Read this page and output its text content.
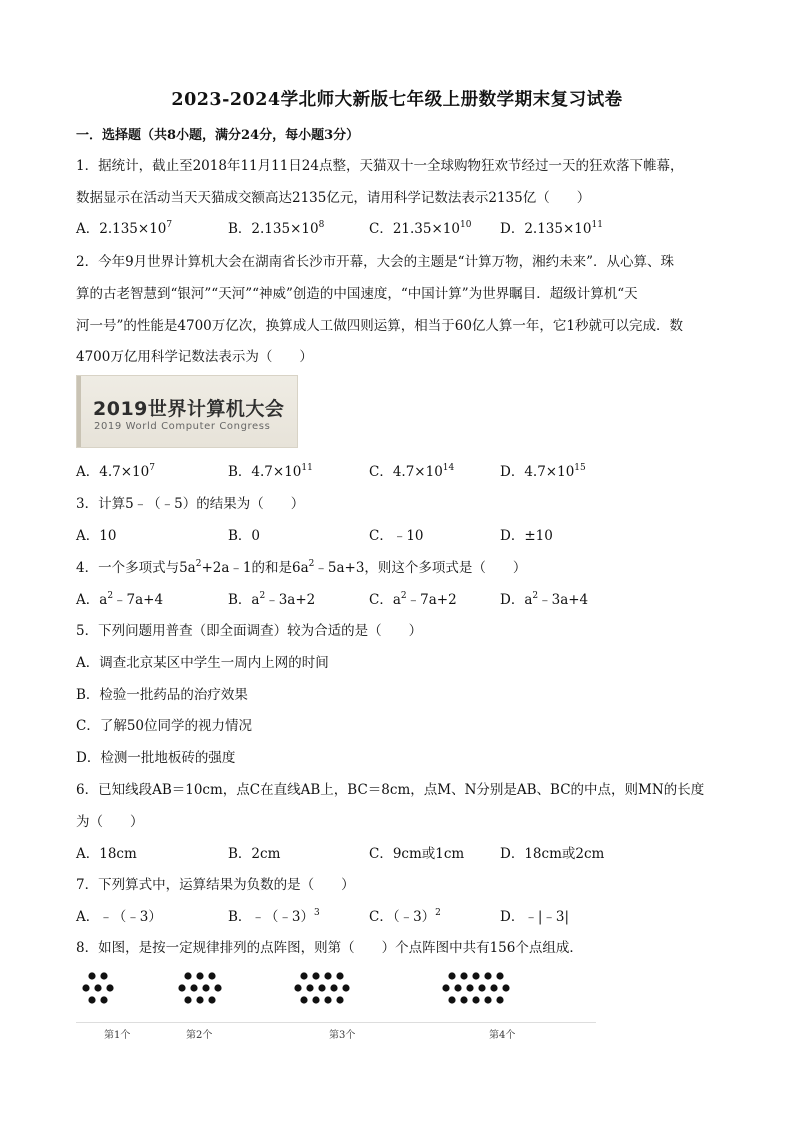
2023-2024学北师大新版七年级上册数学期末复习试卷
一．选择题（共8小题，满分24分，每小题3分）
1．据统计，截止至2018年11月11日24点整，天猫双十一全球购物狂欢节经过一天的狂欢落下帷幕，
数据显示在活动当天天猫成交额高达2135亿元，请用科学记数法表示2135亿（　　）
A．$2.135\times 10^7$	B．$2.135\times 10^8$	C．$21.35\times 10^{10}$ D．$2.135\times 10^{11}$
2．今年9月世界计算机大会在湖南省长沙市开幕，大会的主题是“计算万物，湘约未来”．从心算、珠
算的古老智慧到“银河”“天河”“神威”创造的中国速度，“中国计算”为世界瞩目．超级计算机“天
河一号”的性能是4700万亿次，换算成人工做四则运算，相当于60亿人算一年，它1秒就可以完成．数
4700万亿用科学记数法表示为（　　）
2019世界计算机大会
2019 World Computer Congress
A．$4.7\times 10^7$	B．$4.7\times 10^{11}$	C．$4.7\times 10^{14}$	D．$4.7\times 10^{15}$
3．计算5﹣（﹣5）的结果为（　　）
A．10	B．0	C．﹣10	D．±10
4．一个多项式与$5a^2+2a﹣1$的和是$6a^2﹣5a+3$，则这个多项式是（　　）
A．$a^2﹣7a+4$	B．$a^2﹣3a+2$	C．$a^2﹣7a+2$	D．$a^2﹣3a+4$
5．下列问题用普查（即全面调查）较为合适的是（　　）
A．调查北京某区中学生一周内上网的时间
B．检验一批药品的治疗效果
C．了解50位同学的视力情况
D．检测一批地板砖的强度
6．已知线段AB＝10cm，点C在直线AB上，BC＝8cm，点M、N分别是AB、BC的中点，则MN的长度
为（　　）
A．18cm	B．2cm	C．9cm或1cm	D．18cm或2cm
7．下列算式中，运算结果为负数的是（　　）
A．﹣（﹣3）	B．﹣（﹣3）$^3$	C．（﹣3）$^2$	D．﹣|﹣3|
8．如图，是按一定规律排列的点阵图，则第（　　）个点阵图中共有156个点组成．
第1个	第2个	第3个	第4个
